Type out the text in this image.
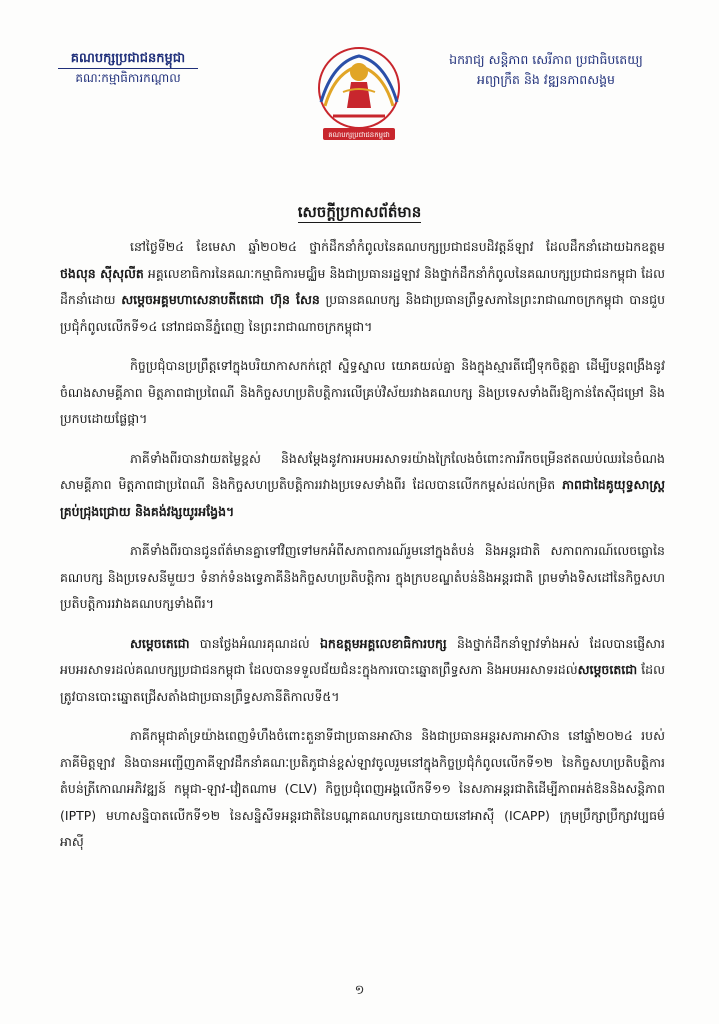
គណបក្សប្រជាជនកម្ពុជា
គណៈកម្មាធិការកណ្តាល
គណបក្សប្រជាជនកម្ពុជា
ឯករាជ្យ សន្តិភាព សេរីភាព ប្រជាធិបតេយ្យ
អព្យាក្រឹត និង វឌ្ឍនភាពសង្គម
សេចក្តីប្រកាសព័ត៌មាន

នៅថ្ងៃទី២៤ ខែមេសា ឆ្នាំ២០២៤ ថ្នាក់ដឹកនាំកំពូលនៃគណបក្សប្រជាជនបដិវត្តន៍ឡាវ ដែលដឹកនាំដោយឯកឧត្តម ថងលុន ស៊ីសុលីត អគ្គលេខាធិការនៃគណៈកម្មាធិការមជ្ឈិម និងជាប្រធានរដ្ឋឡាវ និងថ្នាក់ដឹកនាំកំពូលនៃគណបក្សប្រជាជនកម្ពុជា ដែលដឹកនាំដោយ សម្តេចអគ្គមហាសេនាបតីតេជោ ហ៊ុន សែន ប្រធានគណបក្ស និងជាប្រធានព្រឹទ្ធសភានៃព្រះរាជាណាចក្រកម្ពុជា បានជួបប្រជុំកំពូលលើកទី១៤ នៅរាជធានីភ្នំពេញ នៃព្រះរាជាណាចក្រកម្ពុជា។

កិច្ចប្រជុំបានប្រព្រឹត្តទៅក្នុងបរិយាកាសកក់ក្តៅ ស្និទ្ធស្នាល យោគយល់គ្នា និងក្នុងស្មារតីជឿទុកចិត្តគ្នា ដើម្បីបន្តពង្រឹងនូវចំណងសាមគ្គីភាព មិត្តភាពជាប្រពៃណី និងកិច្ចសហប្រតិបត្តិការលើគ្រប់វិស័យរវាងគណបក្ស និងប្រទេសទាំងពីរឱ្យកាន់តែស៊ីជម្រៅ និងប្រកបដោយផ្លែផ្កា។

ភាគីទាំងពីរបានវាយតម្លៃខ្ពស់ និងសម្តែងនូវការអបអរសាទរយ៉ាងក្រៃលែងចំពោះការរីកចម្រើនឥតឈប់ឈរនៃចំណងសាមគ្គីភាព មិត្តភាពជាប្រពៃណី និងកិច្ចសហប្រតិបត្តិការរវាងប្រទេសទាំងពីរ ដែលបានលើកកម្ពស់ដល់កម្រិត ភាពជាដៃគូយុទ្ធសាស្ត្រគ្រប់ជ្រុងជ្រោយ និងគង់វង្សយូរអង្វែង។

ភាគីទាំងពីរបានជូនព័ត៌មានគ្នាទៅវិញទៅមកអំពីសភាពការណ៍រួមនៅក្នុងតំបន់ និងអន្តរជាតិ សភាពការណ៍លេចធ្លោនៃគណបក្ស និងប្រទេសនីមួយៗ ទំនាក់ទំនងទ្វេភាគីនិងកិច្ចសហប្រតិបត្តិការ ក្នុងក្របខណ្ឌតំបន់និងអន្តរជាតិ ព្រមទាំងទិសដៅនៃកិច្ចសហប្រតិបត្តិការរវាងគណបក្សទាំងពីរ។

សម្តេចតេជោ បានថ្លែងអំណរគុណដល់ ឯកឧត្តមអគ្គលេខាធិការបក្ស និងថ្នាក់ដឹកនាំឡាវទាំងអស់ ដែលបានផ្ញើសារអបអរសាទរដល់គណបក្សប្រជាជនកម្ពុជា ដែលបានទទួលជ័យជំនះក្នុងការបោះឆ្នោតព្រឹទ្ធសភា និងអបអរសាទរដល់សម្តេចតេជោ ដែលត្រូវបានបោះឆ្នោតជ្រើសតាំងជាប្រធានព្រឹទ្ធសភានីតិកាលទី៥។

ភាគីកម្ពុជាគាំទ្រយ៉ាងពេញទំហឹងចំពោះតួនាទីជាប្រធានអាស៊ាន និងជាប្រធានអន្តរសភាអាស៊ាន នៅឆ្នាំ២០២៤ របស់ភាគីមិត្តឡាវ និងបានអញ្ជើញភាគីឡាវដឹកនាំគណៈប្រតិភូជាន់ខ្ពស់ឡាវចូលរួមនៅក្នុងកិច្ចប្រជុំកំពូលលើកទី១២ នៃកិច្ចសហប្រតិបត្តិការតំបន់ត្រីកោណអភិវឌ្ឍន៍ កម្ពុជា-ឡាវ-វៀតណាម (CLV) កិច្ចប្រជុំពេញអង្គលើកទី១១ នៃសភាអន្តរជាតិដើម្បីភាពអត់ឱននិងសន្តិភាព (IPTP) មហាសន្និបាតលើកទី១២ នៃសន្និសីទអន្តរជាតិនៃបណ្តាគណបក្សនយោបាយនៅអាស៊ី (ICAPP) ក្រុមប្រឹក្សាប្រឹក្សាវប្បធម៌អាស៊ី

១
